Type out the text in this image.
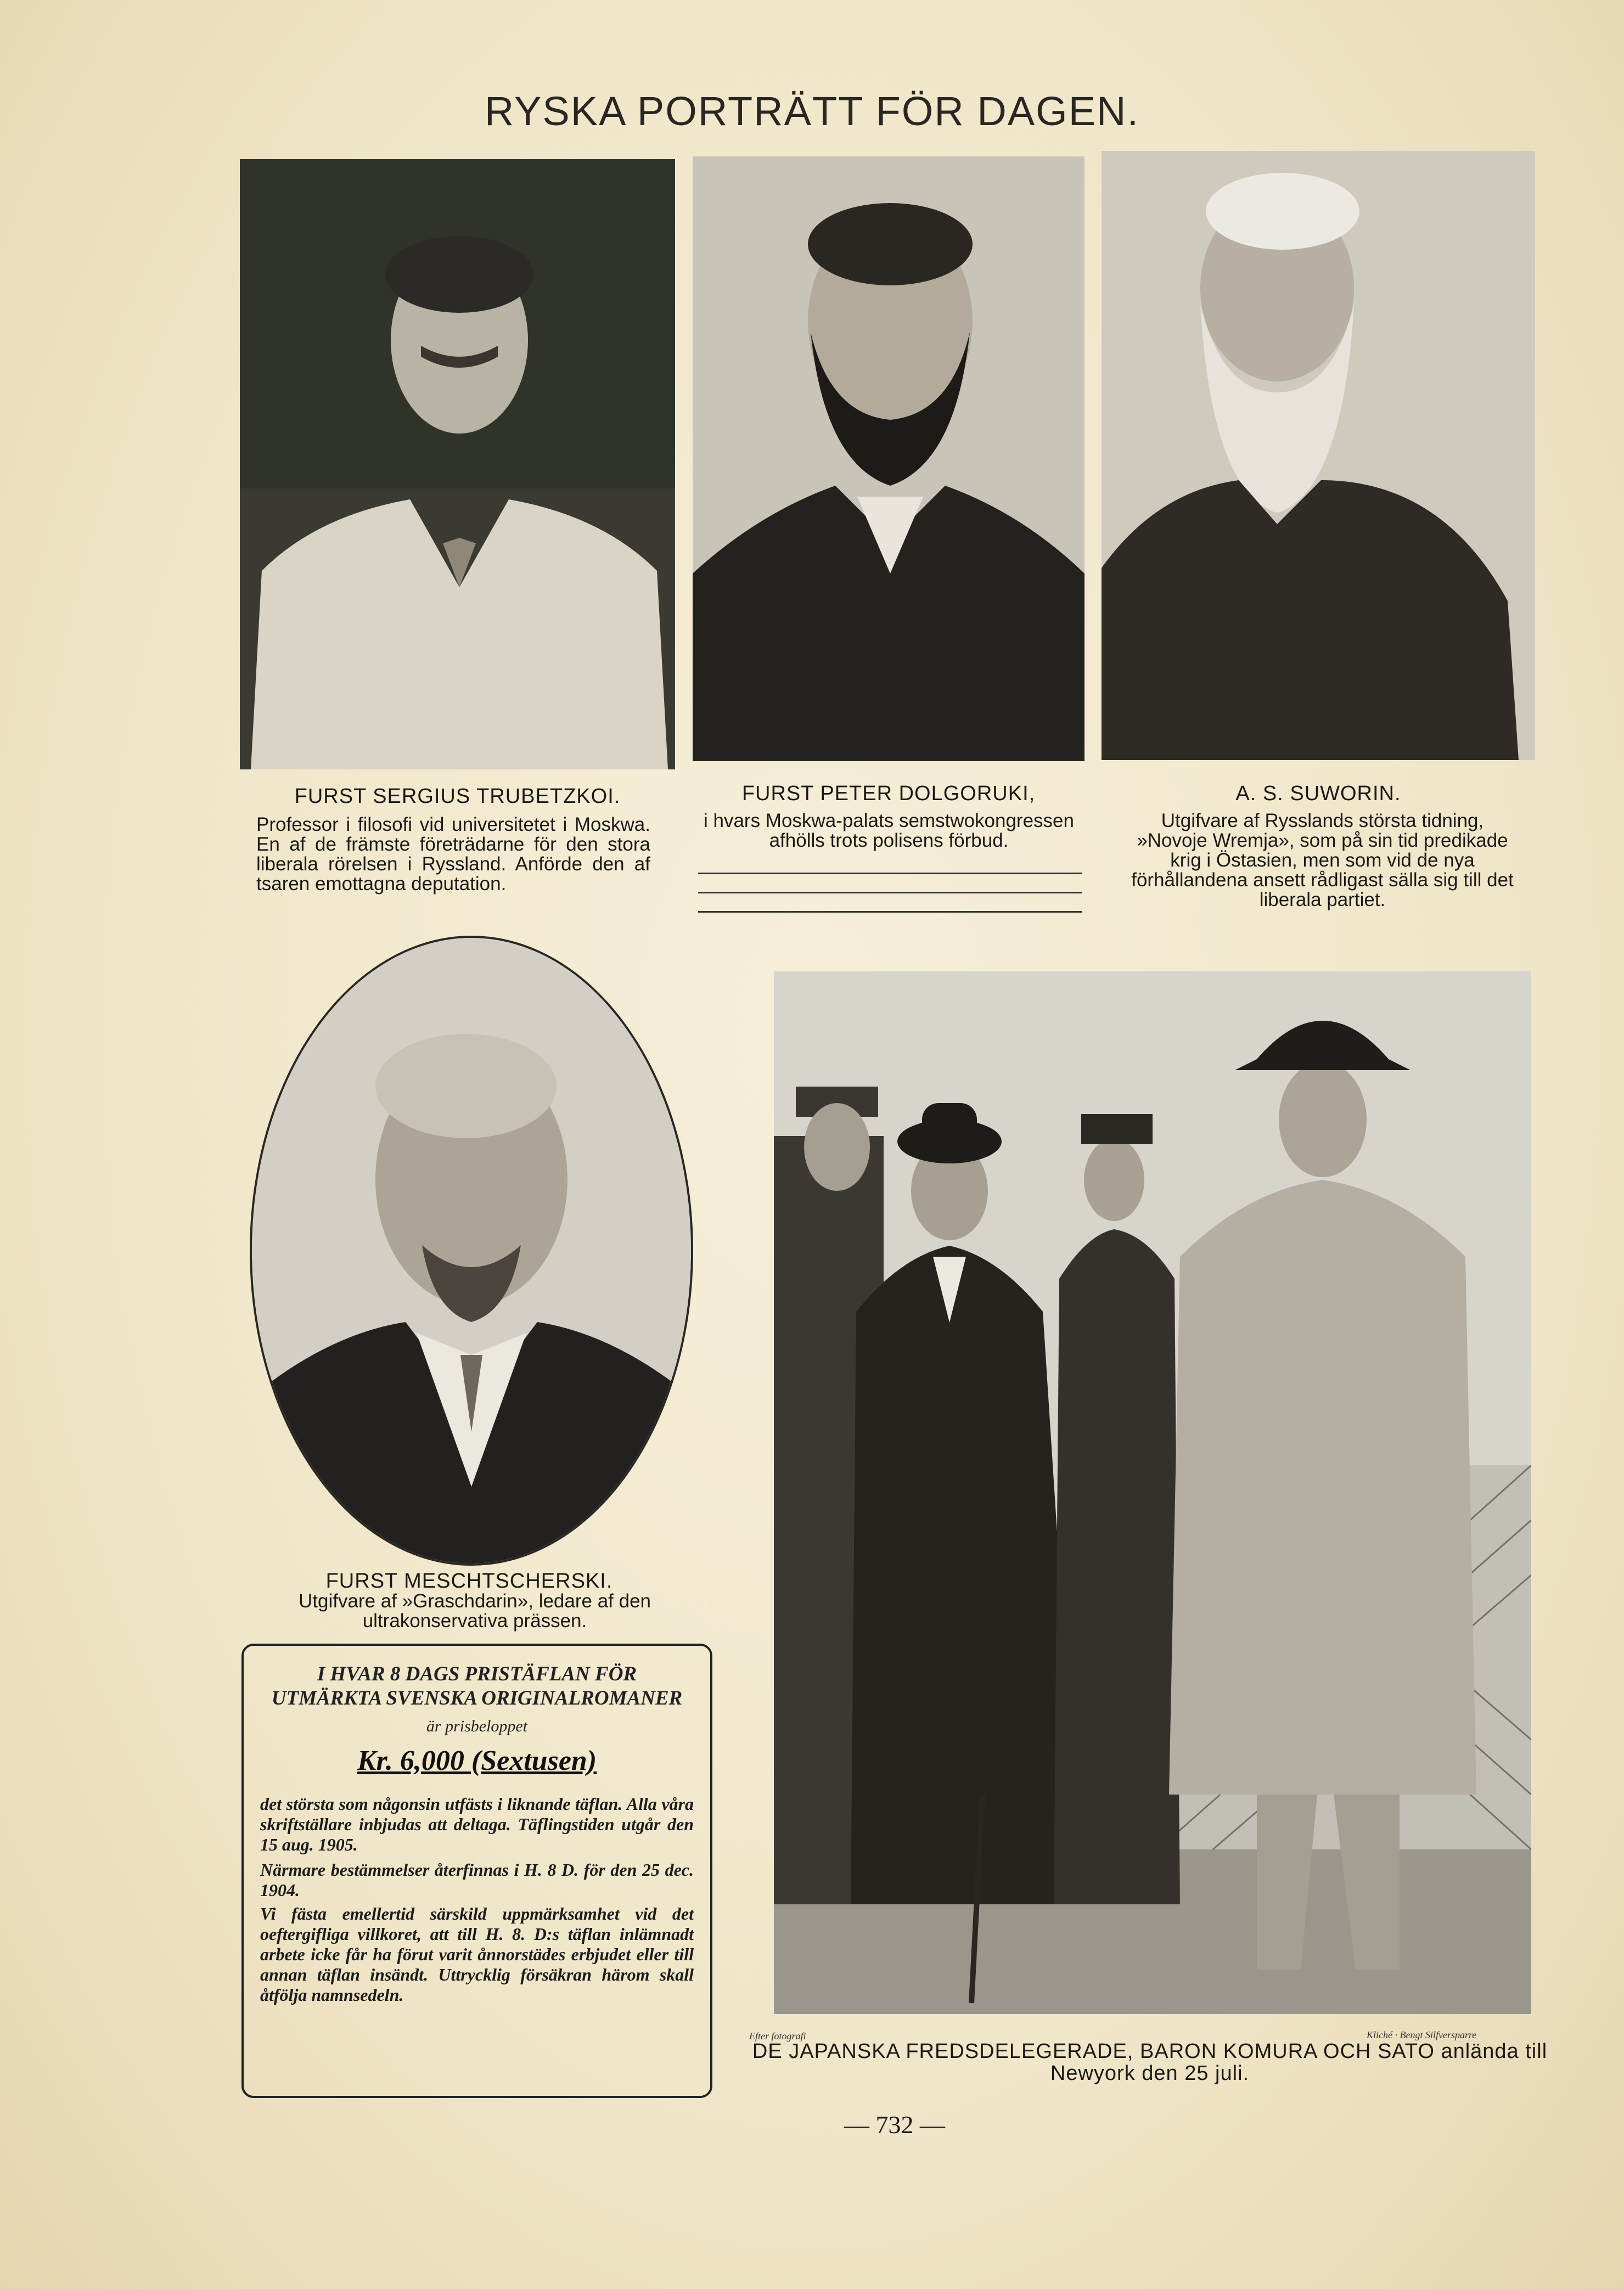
RYSKA PORTRÄTT FÖR DAGEN.
FURST SERGIUS TRUBETZKOI.
Professor i filosofi vid universitetet i Moskwa. En af de främste företrädarne för den stora liberala rörelsen i Ryssland. Anförde den af tsaren emottagna deputation.
FURST PETER DOLGORUKI,
i hvars Moskwa-palats semstwokongressen afhölls trots polisens förbud.
A. S. SUWORIN.
Utgifvare af Rysslands största tidning, »Novoje Wremja», som på sin tid predikade krig i Östasien, men som vid de nya förhållandena ansett rådligast sälla sig till det liberala partiet.
FURST MESCHTSCHERSKI.
Utgifvare af »Graschdarin», ledare af den ultrakonservativa prässen.
I HVAR 8 DAGS PRISTÄFLAN FÖR UTMÄRKTA SVENSKA ORIGINALROMANER
är prisbeloppet
Kr. 6,000 (Sextusen)
det största som någonsin utfästs i liknande täflan. Alla våra skriftställare inbjudas att deltaga. Täflingstiden utgår den 15 aug. 1905.
Närmare bestämmelser återfinnas i H. 8 D. för den 25 dec. 1904.
Vi fästa emellertid särskild uppmärksamhet vid det oeftergifliga villkoret, att till H. 8. D:s täflan inlämnadt arbete icke får ha förut varit ånnorstädes erbjudet eller till annan täflan insändt. Uttrycklig försäkran härom skall åtfölja namnsedeln.
Efter fotografi	Kliché · Bengt Silfversparre
DE JAPANSKA FREDSDELEGERADE, BARON KOMURA OCH SATO anlända till Newyork den 25 juli.
— 732 —
